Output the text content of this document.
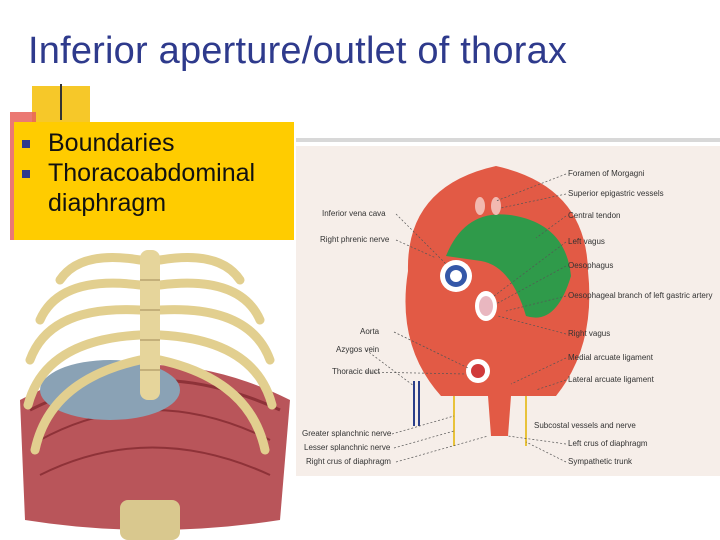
Inferior aperture/outlet of thorax
Boundaries
Thoracoabdominal diaphragm	Inferior vena cava
Right phrenic nerve
Aorta
Azygos vein
Thoracic duct
Greater splanchnic nerve
Lesser splanchnic nerve
Right crus of diaphragm
Foramen of Morgagni
Superior epigastric vessels
Central tendon
Left vagus
Oesophagus
Oesophageal branch of left gastric artery
Right vagus
Medial arcuate ligament
Lateral arcuate ligament
Subcostal vessels and nerve
Left crus of diaphragm
Sympathetic trunk
